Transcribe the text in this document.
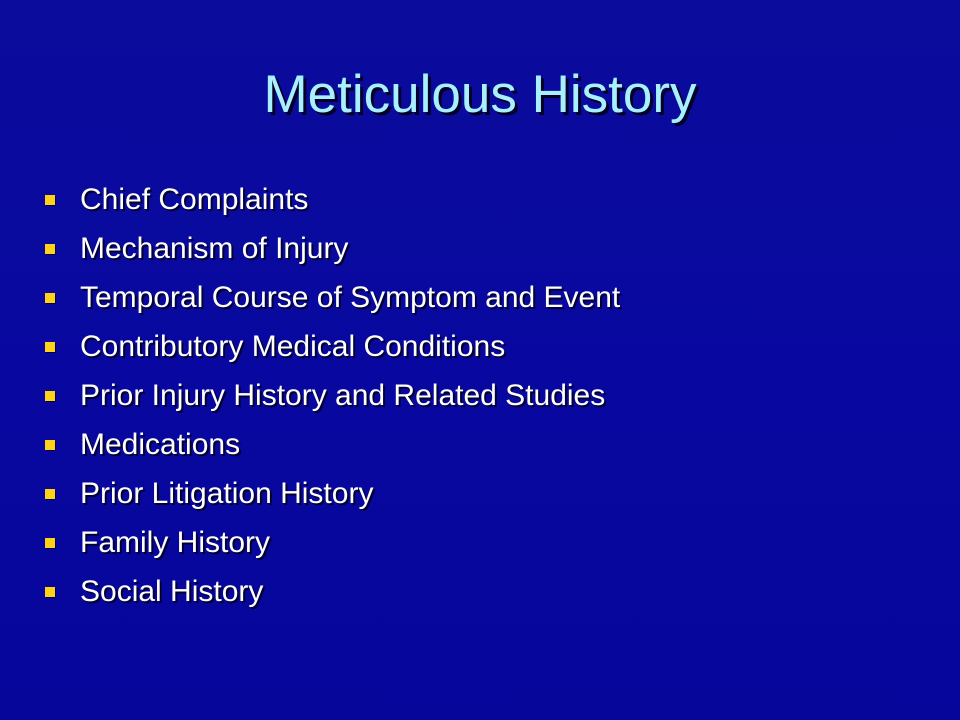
Meticulous History
Chief Complaints
Mechanism of Injury
Temporal Course of Symptom and Event
Contributory Medical Conditions
Prior Injury History and Related Studies
Medications
Prior Litigation History
Family History
Social History
